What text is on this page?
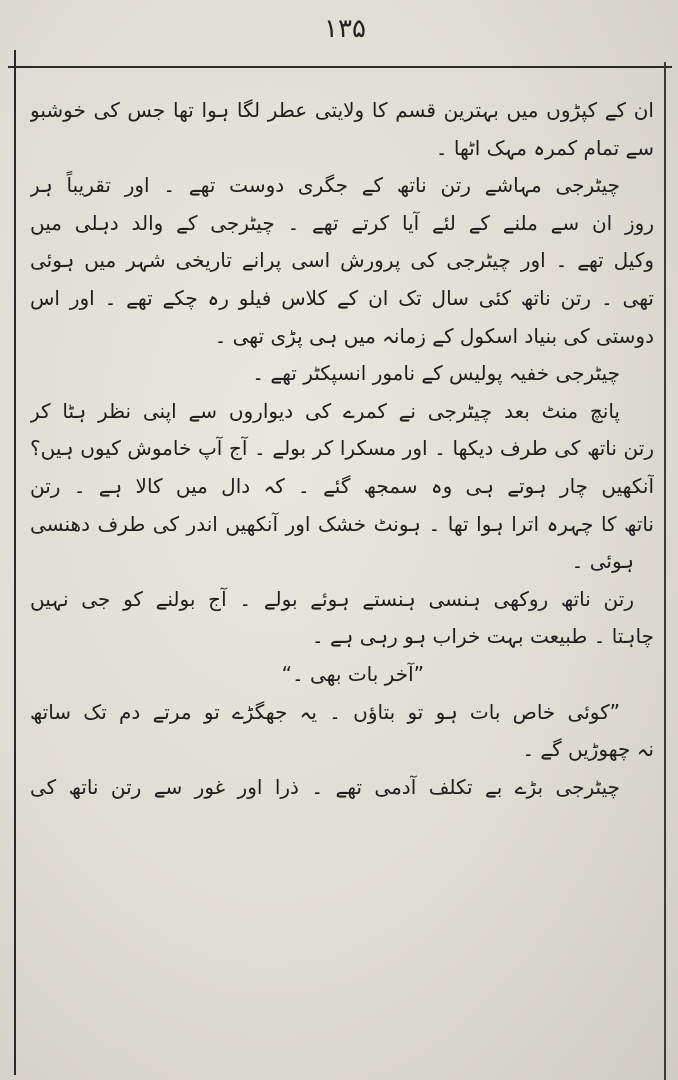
۱۳۵
ان کے کپڑوں میں بہترین قسم کا ولایتی عطر لگا ہوا تھا جس کی خوشبو
سے تمام کمرہ مہک اٹھا ۔
چیٹرجی مہاشے رتن ناتھ کے جگری دوست تھے ۔ اور تقریباً ہر
روز ان سے ملنے کے لئے آیا کرتے تھے ۔ چیٹرجی کے والد دہلی میں
وکیل تھے ۔ اور چیٹرجی کی پرورش اسی پرانے تاریخی شہر میں ہوئی
تھی ۔ رتن ناتھ کئی سال تک ان کے کلاس فیلو رہ چکے تھے ۔ اور اس
دوستی کی بنیاد اسکول کے زمانہ میں ہی پڑی تھی ۔
چیٹرجی خفیہ پولیس کے نامور انسپکٹر تھے ۔
پانچ منٹ بعد چیٹرجی نے کمرے کی دیواروں سے اپنی نظر ہٹا کر
رتن ناتھ کی طرف دیکھا ۔ اور مسکرا کر بولے ۔ آج آپ خاموش کیوں ہیں؟
آنکھیں چار ہوتے ہی وہ سمجھ گئے ۔ کہ دال میں کالا ہے ۔ رتن
ناتھ کا چہرہ اترا ہوا تھا ۔ ہونٹ خشک اور آنکھیں اندر کی طرف دھنسی
ہوئی ۔
رتن ناتھ روکھی ہنسی ہنستے ہوئے بولے ۔ آج بولنے کو جی نہیں
چاہتا ۔ طبیعت بہت خراب ہو رہی ہے ۔
”آخر بات بھی ۔“
”کوئی خاص بات ہو تو بتاؤں ۔ یہ جھگڑے تو مرتے دم تک ساتھ
نہ چھوڑیں گے ۔
چیٹرجی بڑے بے تکلف آدمی تھے ۔ ذرا اور غور سے رتن ناتھ کی
